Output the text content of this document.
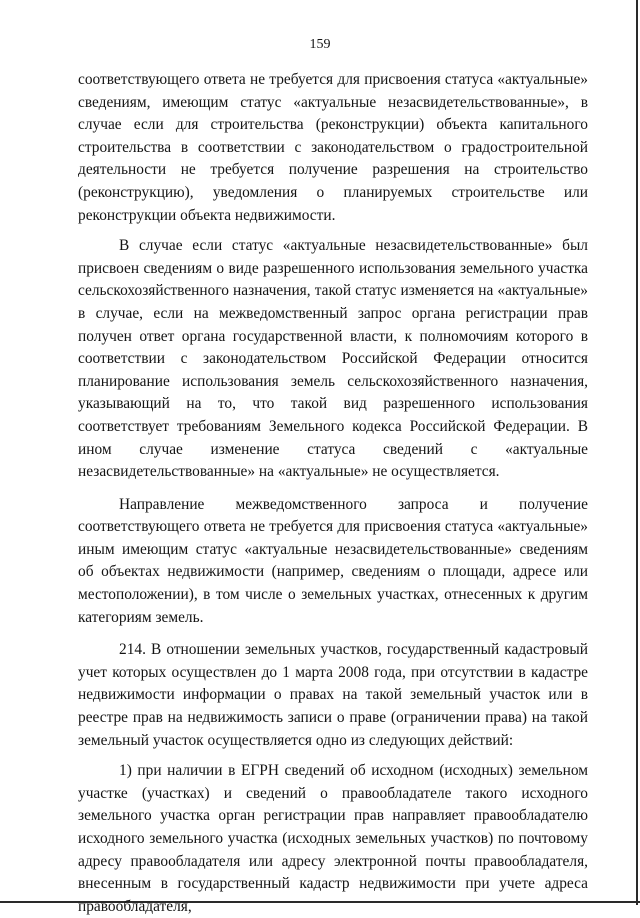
159

соответствующего ответа не требуется для присвоения статуса «актуальные» сведениям, имеющим статус «актуальные незасвидетельствованные», в случае если для строительства (реконструкции) объекта капитального строительства в соответствии с законодательством о градостроительной деятельности не требуется получение разрешения на строительство (реконструкцию), уведомления о планируемых строительстве или реконструкции объекта недвижимости.

В случае если статус «актуальные незасвидетельствованные» был присвоен сведениям о виде разрешенного использования земельного участка сельскохозяйственного назначения, такой статус изменяется на «актуальные» в случае, если на межведомственный запрос органа регистрации прав получен ответ органа государственной власти, к полномочиям которого в соответствии с законодательством Российской Федерации относится планирование использования земель сельскохозяйственного назначения, указывающий на то, что такой вид разрешенного использования соответствует требованиям Земельного кодекса Российской Федерации. В ином случае изменение статуса сведений с «актуальные незасвидетельствованные» на «актуальные» не осуществляется.

Направление межведомственного запроса и получение соответствующего ответа не требуется для присвоения статуса «актуальные» иным имеющим статус «актуальные незасвидетельствованные» сведениям об объектах недвижимости (например, сведениям о площади, адресе или местоположении), в том числе о земельных участках, отнесенных к другим категориям земель.

214. В отношении земельных участков, государственный кадастровый учет которых осуществлен до 1 марта 2008 года, при отсутствии в кадастре недвижимости информации о правах на такой земельный участок или в реестре прав на недвижимость записи о праве (ограничении права) на такой земельный участок осуществляется одно из следующих действий:

1) при наличии в ЕГРН сведений об исходном (исходных) земельном участке (участках) и сведений о правообладателе такого исходного земельного участка орган регистрации прав направляет правообладателю исходного земельного участка (исходных земельных участков) по почтовому адресу правообладателя или адресу электронной почты правообладателя, внесенным в государственный кадастр недвижимости при учете адреса правообладателя,
